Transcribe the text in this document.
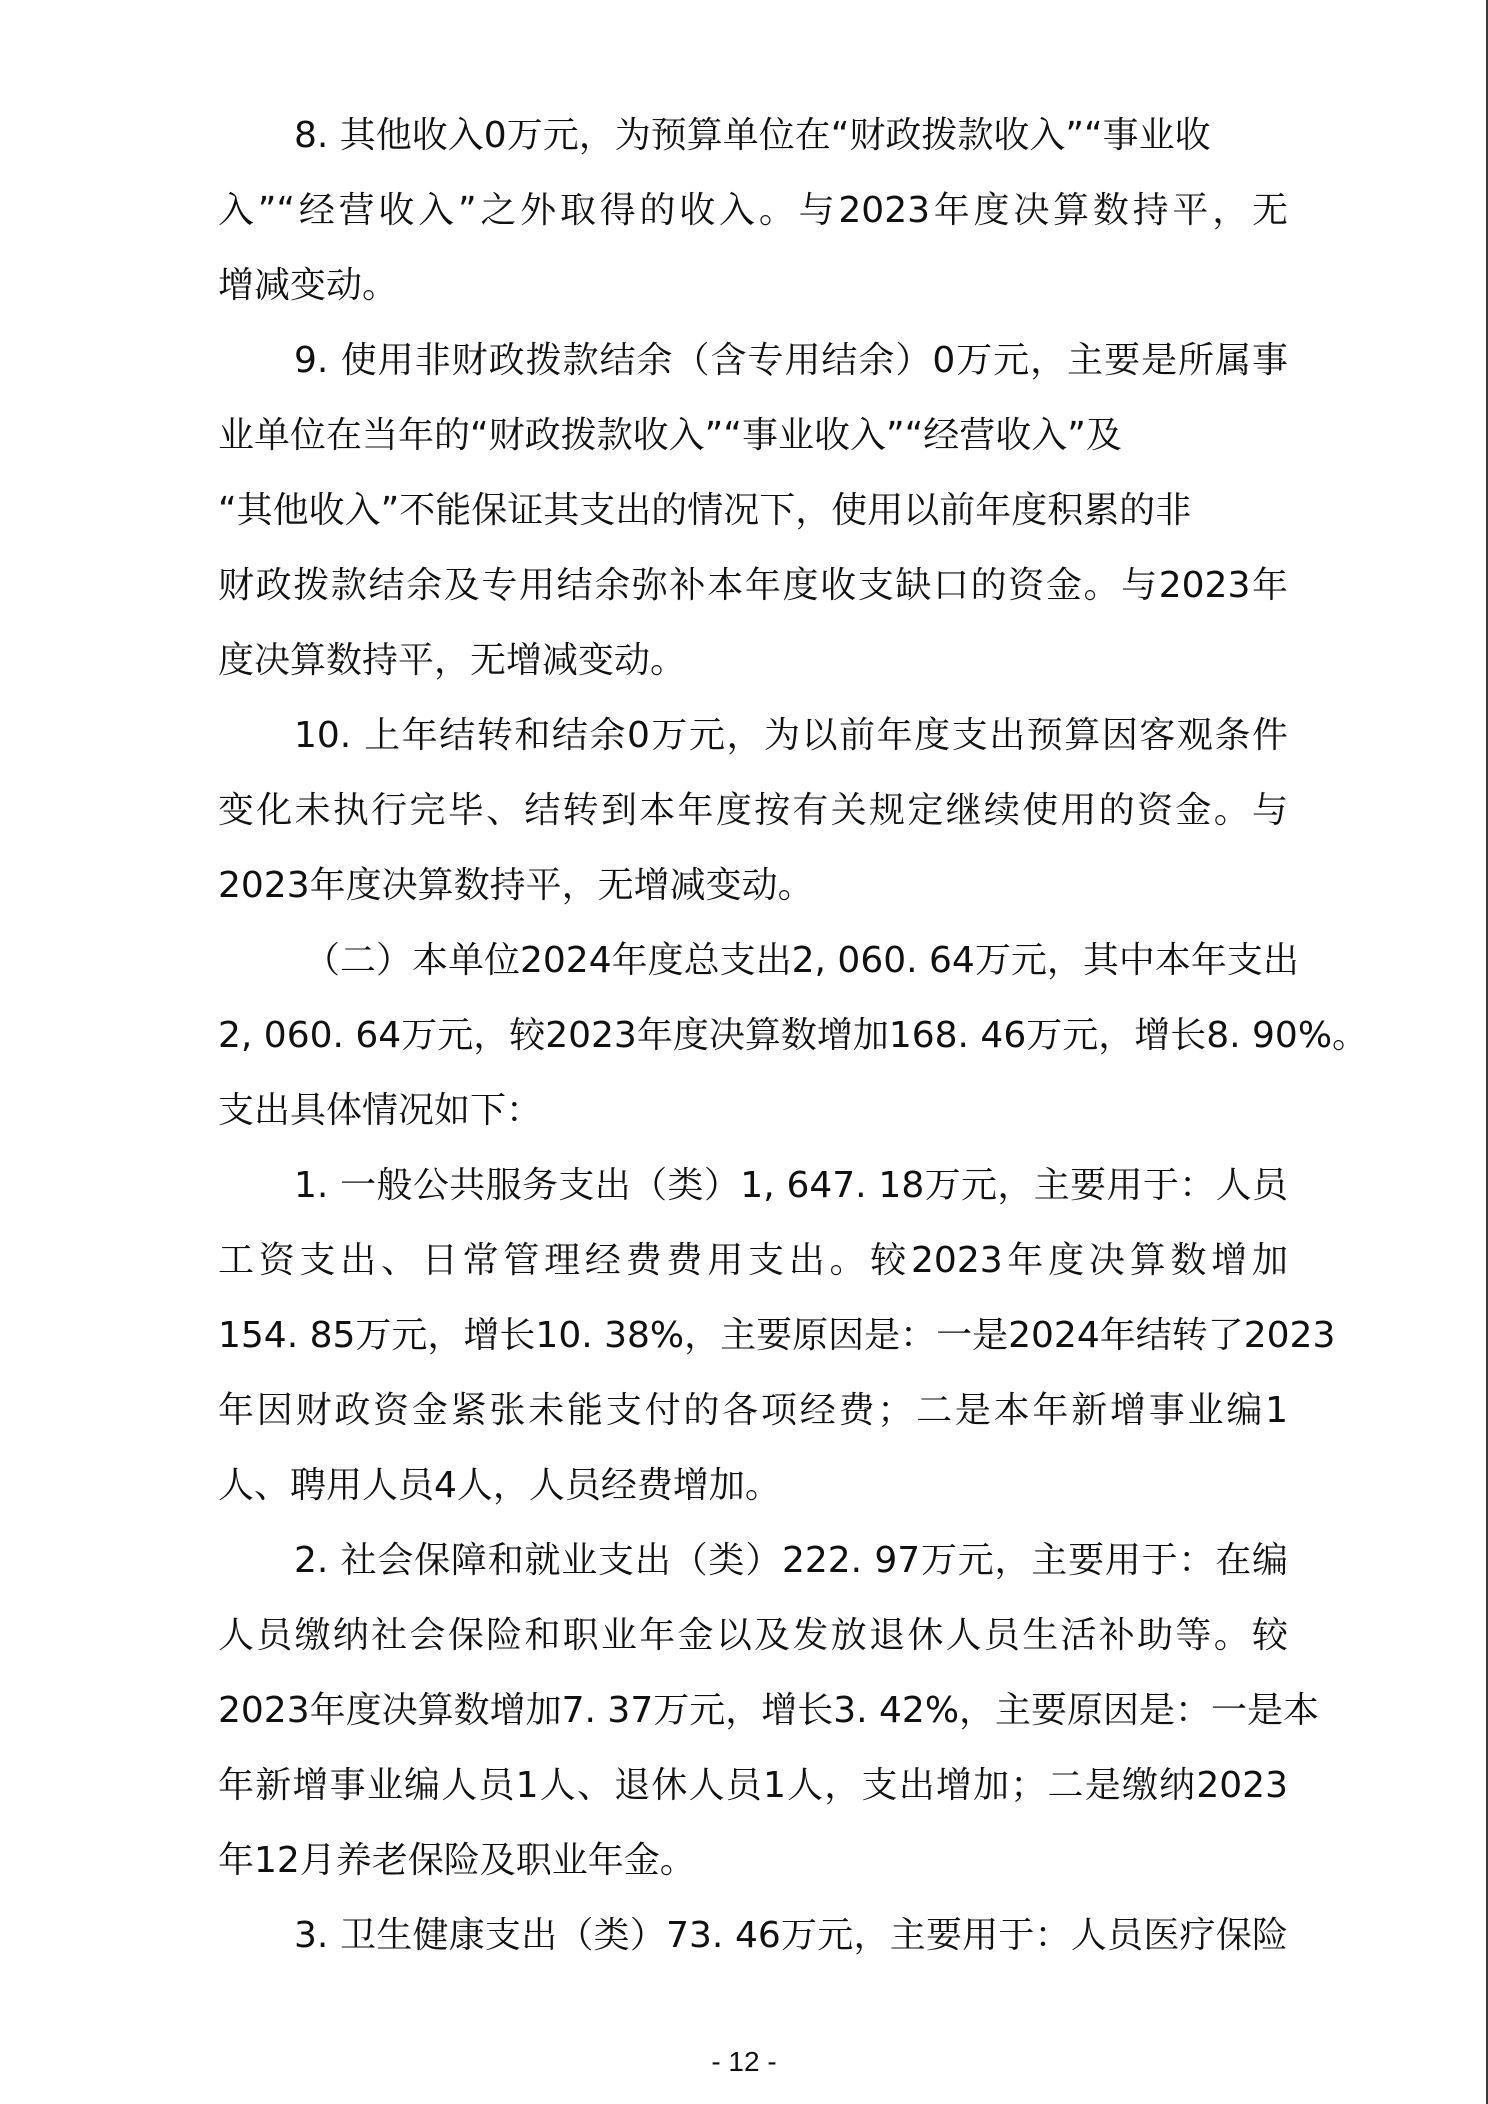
8. 其他收入0万元，为预算单位在“财政拨款收入”“事业收
入”“经营收入”之外取得的收入。与2023年度决算数持平，无
增减变动。
9. 使用非财政拨款结余（含专用结余）0万元，主要是所属事
业单位在当年的“财政拨款收入”“事业收入”“经营收入”及
“其他收入”不能保证其支出的情况下，使用以前年度积累的非
财政拨款结余及专用结余弥补本年度收支缺口的资金。与2023年
度决算数持平，无增减变动。
10. 上年结转和结余0万元，为以前年度支出预算因客观条件
变化未执行完毕、结转到本年度按有关规定继续使用的资金。与
2023年度决算数持平，无增减变动。
（二）本单位2024年度总支出2, 060. 64万元，其中本年支出
2, 060. 64万元，较2023年度决算数增加168. 46万元，增长8. 90%。
支出具体情况如下：
1. 一般公共服务支出（类）1, 647. 18万元，主要用于：人员
工资支出、日常管理经费费用支出。较2023年度决算数增加
154. 85万元，增长10. 38%，主要原因是：一是2024年结转了2023
年因财政资金紧张未能支付的各项经费；二是本年新增事业编1
人、聘用人员4人，人员经费增加。
2. 社会保障和就业支出（类）222. 97万元，主要用于：在编
人员缴纳社会保险和职业年金以及发放退休人员生活补助等。较
2023年度决算数增加7. 37万元，增长3. 42%，主要原因是：一是本
年新增事业编人员1人、退休人员1人，支出增加；二是缴纳2023
年12月养老保险及职业年金。
3. 卫生健康支出（类）73. 46万元，主要用于：人员医疗保险
- 12 -
